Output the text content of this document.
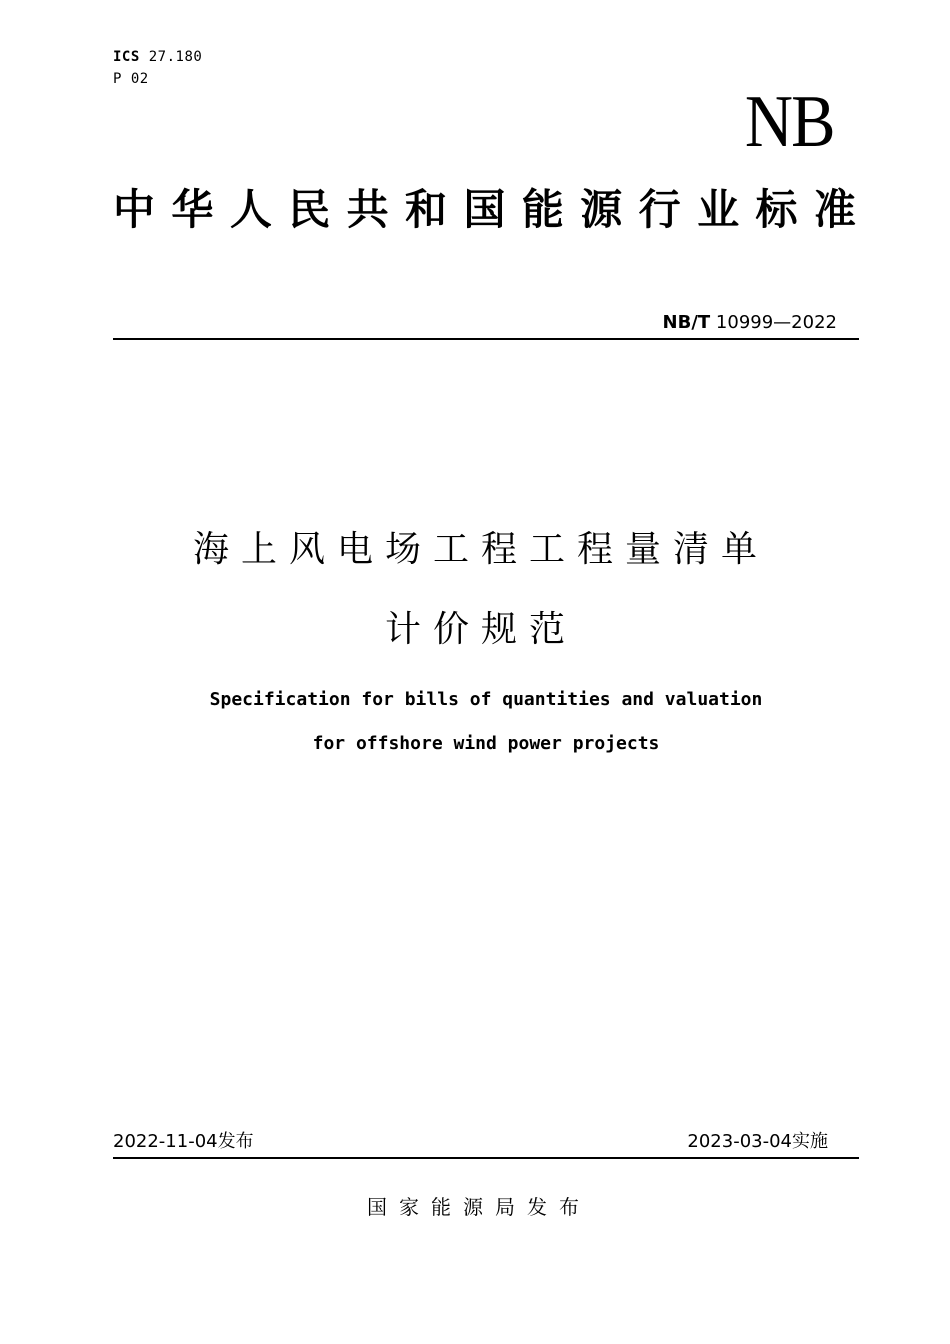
ICS 27.180
P 02
NB
中 华 人 民 共 和 国 能 源 行 业 标 准
NB/T 10999—2022
海上风电场工程工程量清单
计价规范
Specification for bills of quantities and valuation
for offshore wind power projects
2022-11-04发布	2023-03-04实施
国家能源局发布
